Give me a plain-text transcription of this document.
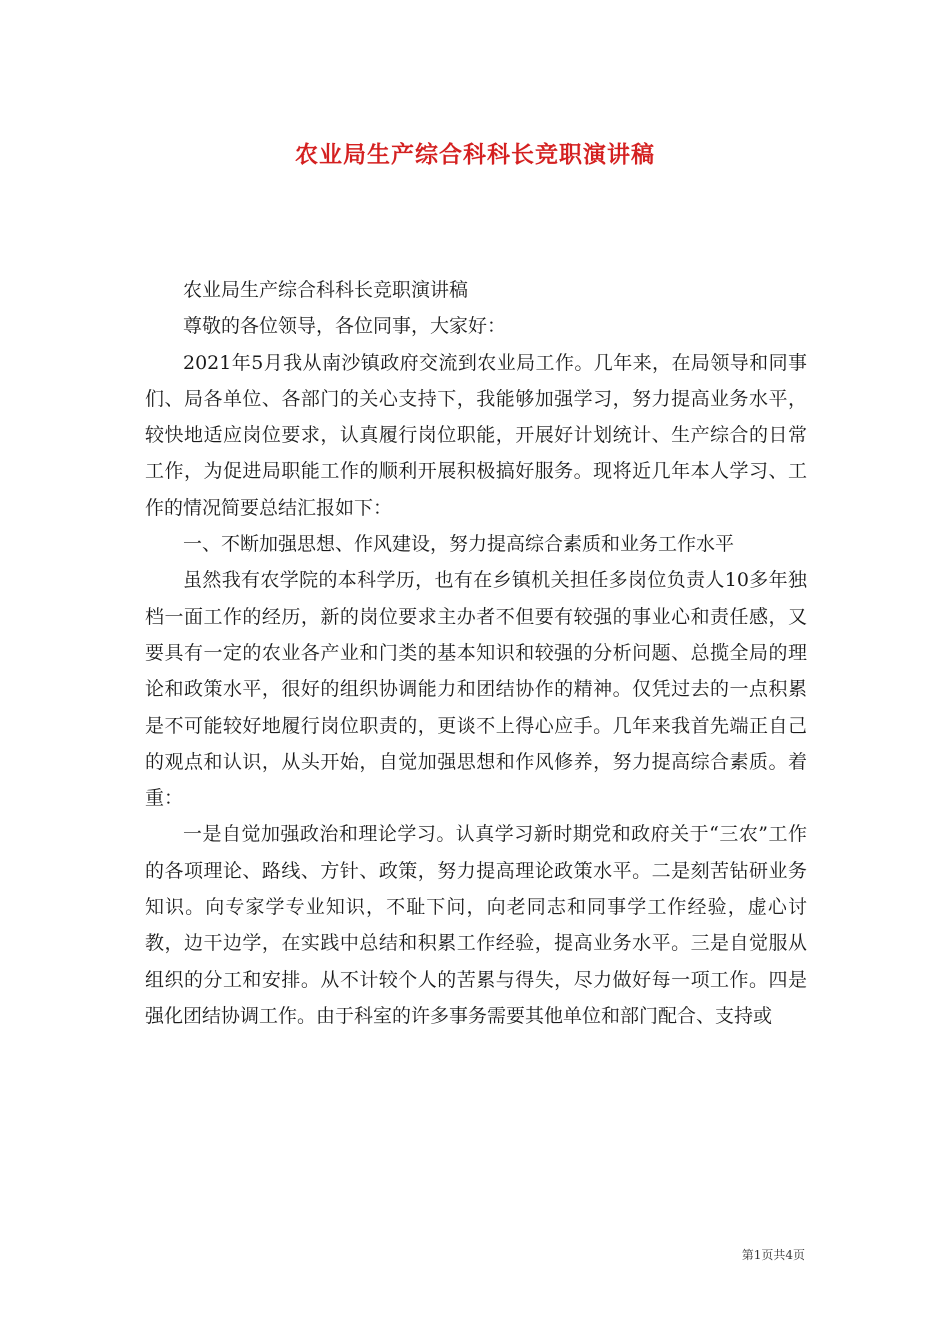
农业局生产综合科科长竞职演讲稿

农业局生产综合科科长竞职演讲稿

尊敬的各位领导，各位同事，大家好：

2021年5月我从南沙镇政府交流到农业局工作。几年来，在局领导和同事们、局各单位、各部门的关心支持下，我能够加强学习，努力提高业务水平，较快地适应岗位要求，认真履行岗位职能，开展好计划统计、生产综合的日常工作，为促进局职能工作的顺利开展积极搞好服务。现将近几年本人学习、工作的情况简要总结汇报如下：

一、不断加强思想、作风建设，努力提高综合素质和业务工作水平

虽然我有农学院的本科学历，也有在乡镇机关担任多岗位负责人10多年独档一面工作的经历，新的岗位要求主办者不但要有较强的事业心和责任感，又要具有一定的农业各产业和门类的基本知识和较强的分析问题、总揽全局的理论和政策水平，很好的组织协调能力和团结协作的精神。仅凭过去的一点积累是不可能较好地履行岗位职责的，更谈不上得心应手。几年来我首先端正自己的观点和认识，从头开始，自觉加强思想和作风修养，努力提高综合素质。着重：

一是自觉加强政治和理论学习。认真学习新时期党和政府关于“三农”工作的各项理论、路线、方针、政策，努力提高理论政策水平。二是刻苦钻研业务知识。向专家学专业知识，不耻下问，向老同志和同事学工作经验，虚心讨教，边干边学，在实践中总结和积累工作经验，提高业务水平。三是自觉服从组织的分工和安排。从不计较个人的苦累与得失，尽力做好每一项工作。四是强化团结协调工作。由于科室的许多事务需要其他单位和部门配合、支持或

第1页共4页
